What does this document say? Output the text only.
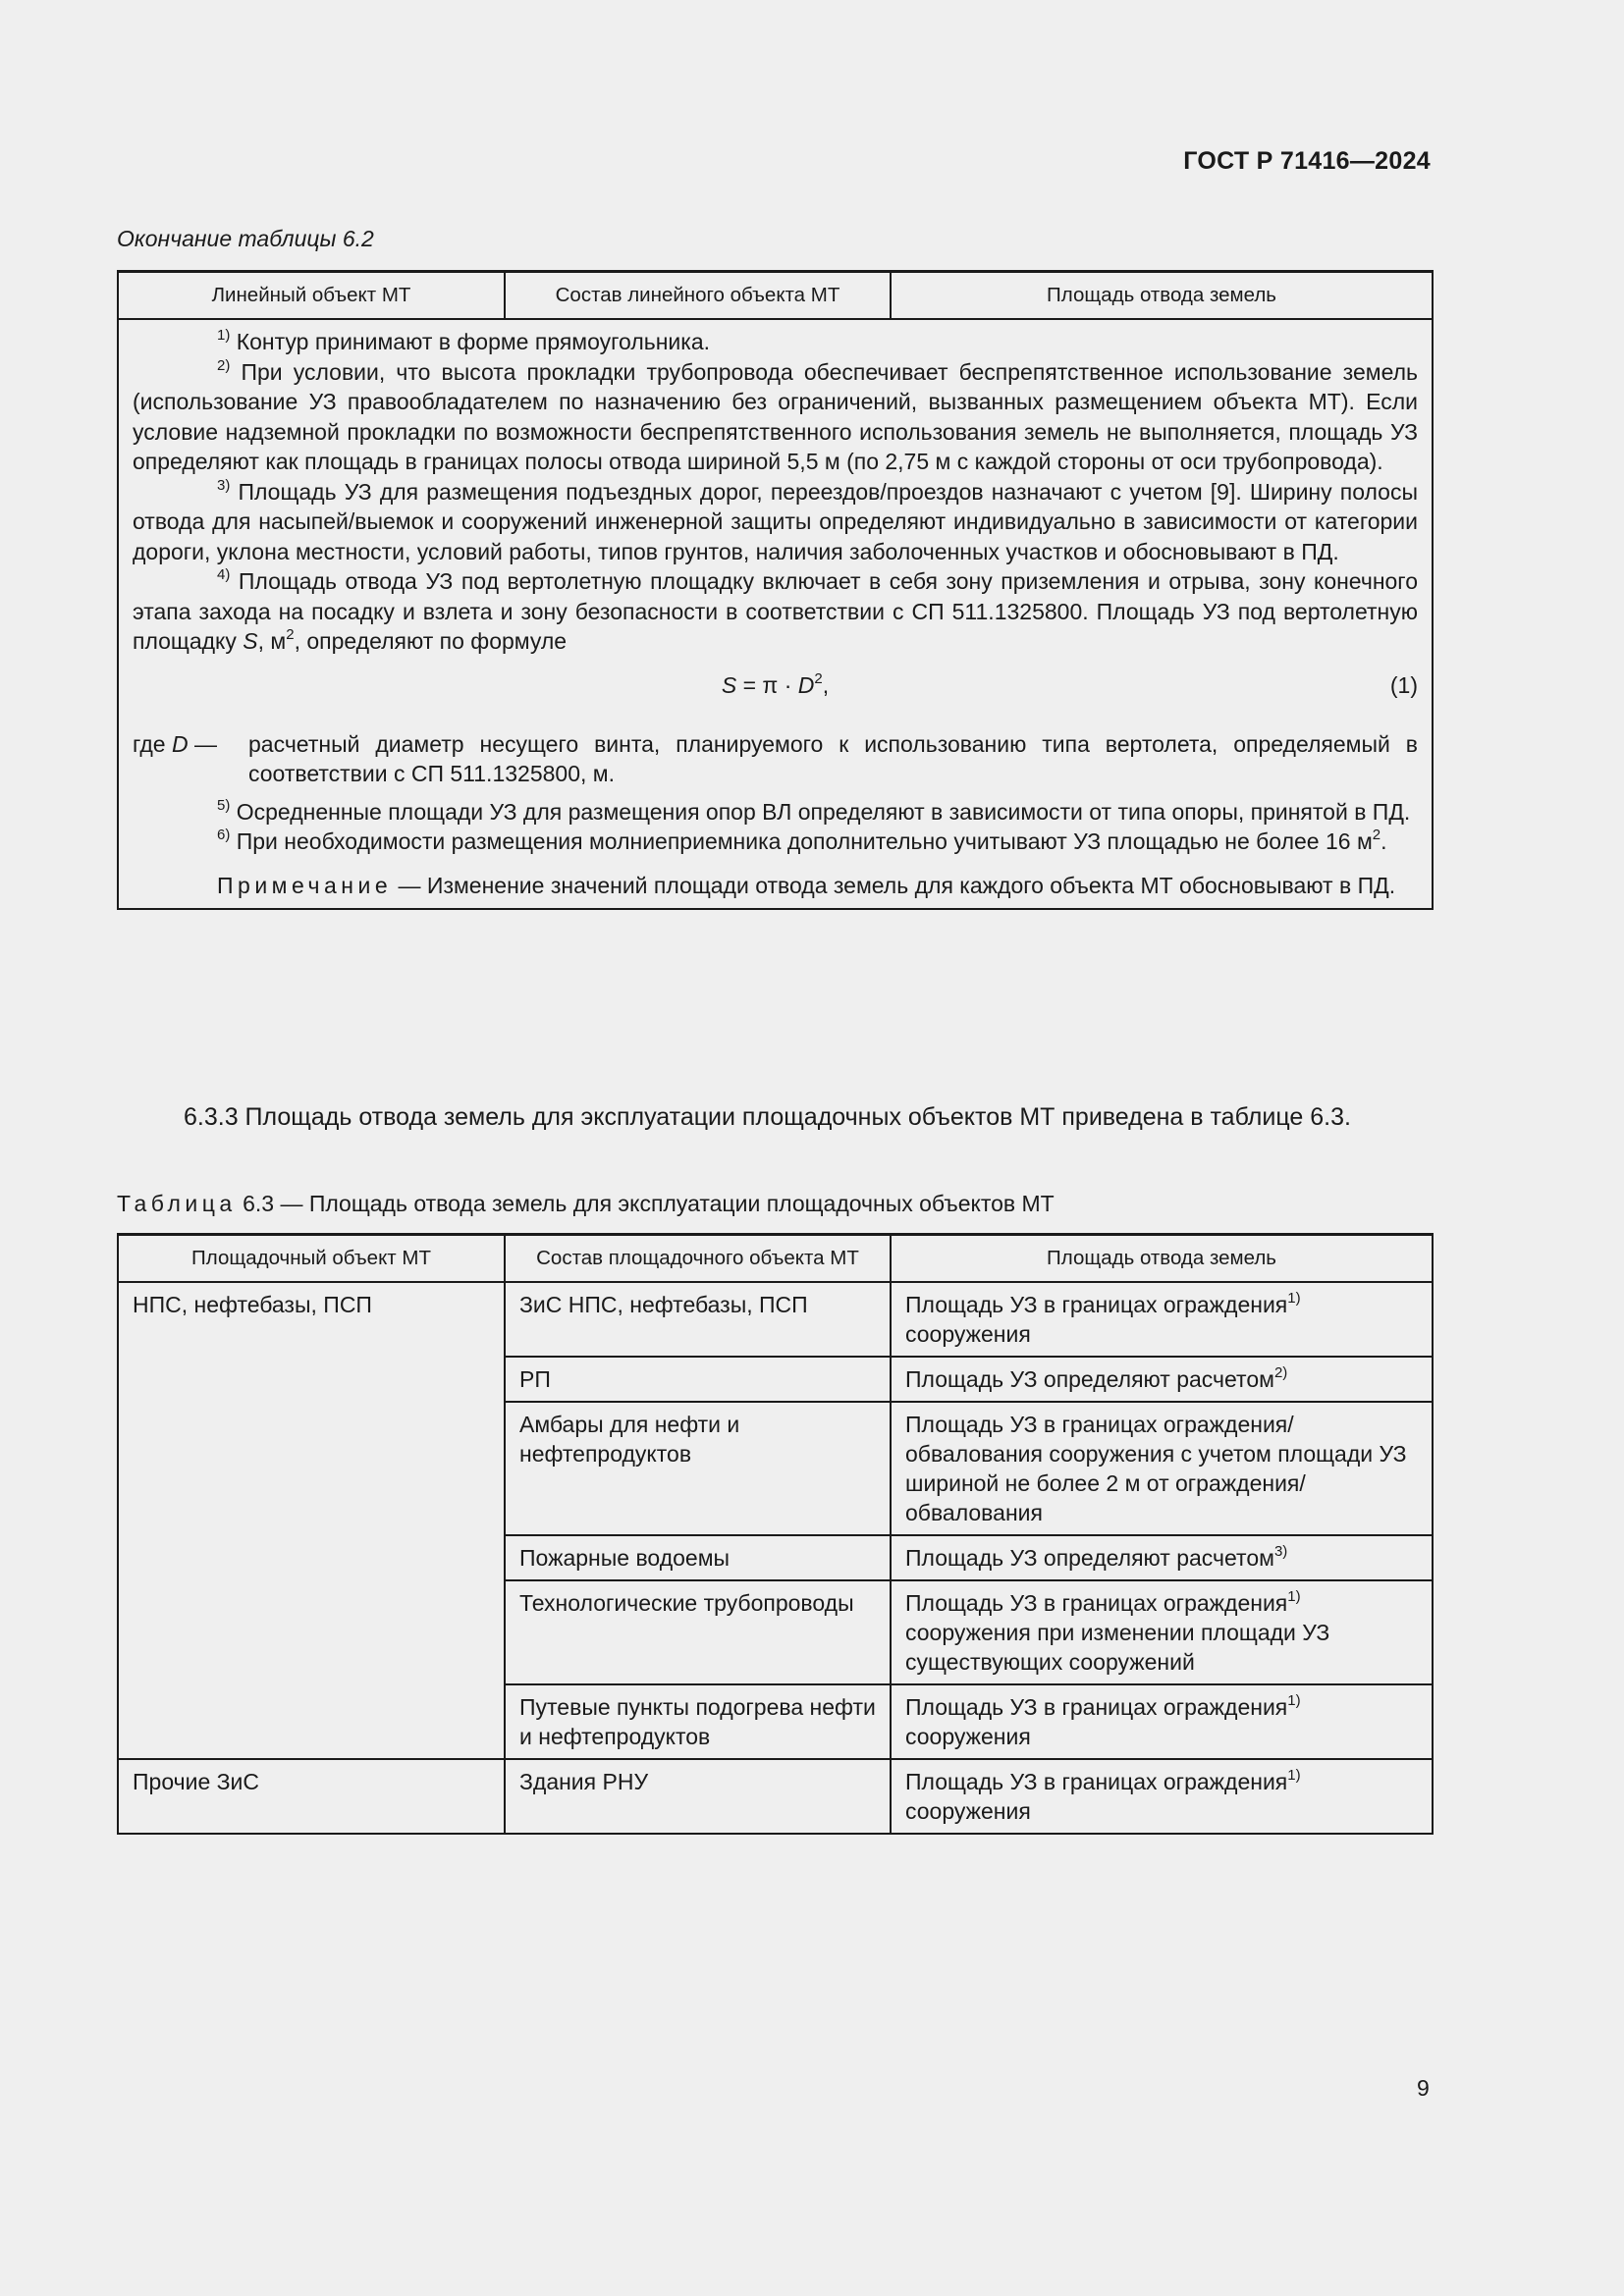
ГОСТ Р 71416—2024
Окончание таблицы 6.2
Линейный объект МТ	Состав линейного объекта МТ	Площадь отвода земель

$^{1)}$ Контур принимают в форме прямоугольника.

$^{2)}$ При условии, что высота прокладки трубопровода обеспечивает беспрепятственное использование земель (использование УЗ правообладателем по назначению без ограничений, вызванных размещением объекта МТ). Если условие надземной прокладки по возможности беспрепятственного использования земель не выполняется, площадь УЗ определяют как площадь в границах полосы отвода шириной 5,5 м (по 2,75 м с каждой стороны от оси трубопровода).

$^{3)}$ Площадь УЗ для размещения подъездных дорог, переездов/проездов назначают с учетом [9]. Ширину полосы отвода для насыпей/выемок и сооружений инженерной защиты определяют индивидуально в зависимости от категории дороги, уклона местности, условий работы, типов грунтов, наличия заболоченных участков и обосновывают в ПД.

$^{4)}$ Площадь отвода УЗ под вертолетную площадку включает в себя зону приземления и отрыва, зону конечного этапа захода на посадку и взлета и зону безопасности в соответствии с СП 511.1325800. Площадь УЗ под вертолетную площадку S, м$^2$, определяют по формуле

S = π · D$^2$,	(1)
где D —	расчетный диаметр несущего винта, планируемого к использованию типа вертолета, определяемый в соответствии с СП 511.1325800, м.

$^{5)}$ Осредненные площади УЗ для размещения опор ВЛ определяют в зависимости от типа опоры, принятой в ПД.

$^{6)}$ При необходимости размещения молниеприемника дополнительно учитывают УЗ площадью не более 16 м$^2$.

Примечание — Изменение значений площади отвода земель для каждого объекта МТ обосновывают в ПД.

6.3.3 Площадь отвода земель для эксплуатации площадочных объектов МТ приведена в таблице 6.3.

Таблица 6.3 — Площадь отвода земель для эксплуатации площадочных объектов МТ
Площадочный объект МТ	Состав площадочного объекта МТ	Площадь отвода земель
НПС, нефтебазы, ПСП	ЗиС НПС, нефтебазы, ПСП	Площадь УЗ в границах ограждения$^{1)}$ сооружения
	РП	Площадь УЗ определяют расчетом$^{2)}$
	Амбары для нефти и нефтепродуктов	Площадь УЗ в границах ограждения/обвалования сооружения с учетом площади УЗ шириной не более 2 м от ограждения/обвалования
	Пожарные водоемы	Площадь УЗ определяют расчетом$^{3)}$
	Технологические трубопроводы	Площадь УЗ в границах ограждения$^{1)}$ сооружения при изменении площади УЗ существующих сооружений
	Путевые пункты подогрева нефти и нефтепродуктов	Площадь УЗ в границах ограждения$^{1)}$ сооружения
Прочие ЗиС	Здания РНУ	Площадь УЗ в границах ограждения$^{1)}$ сооружения
9
